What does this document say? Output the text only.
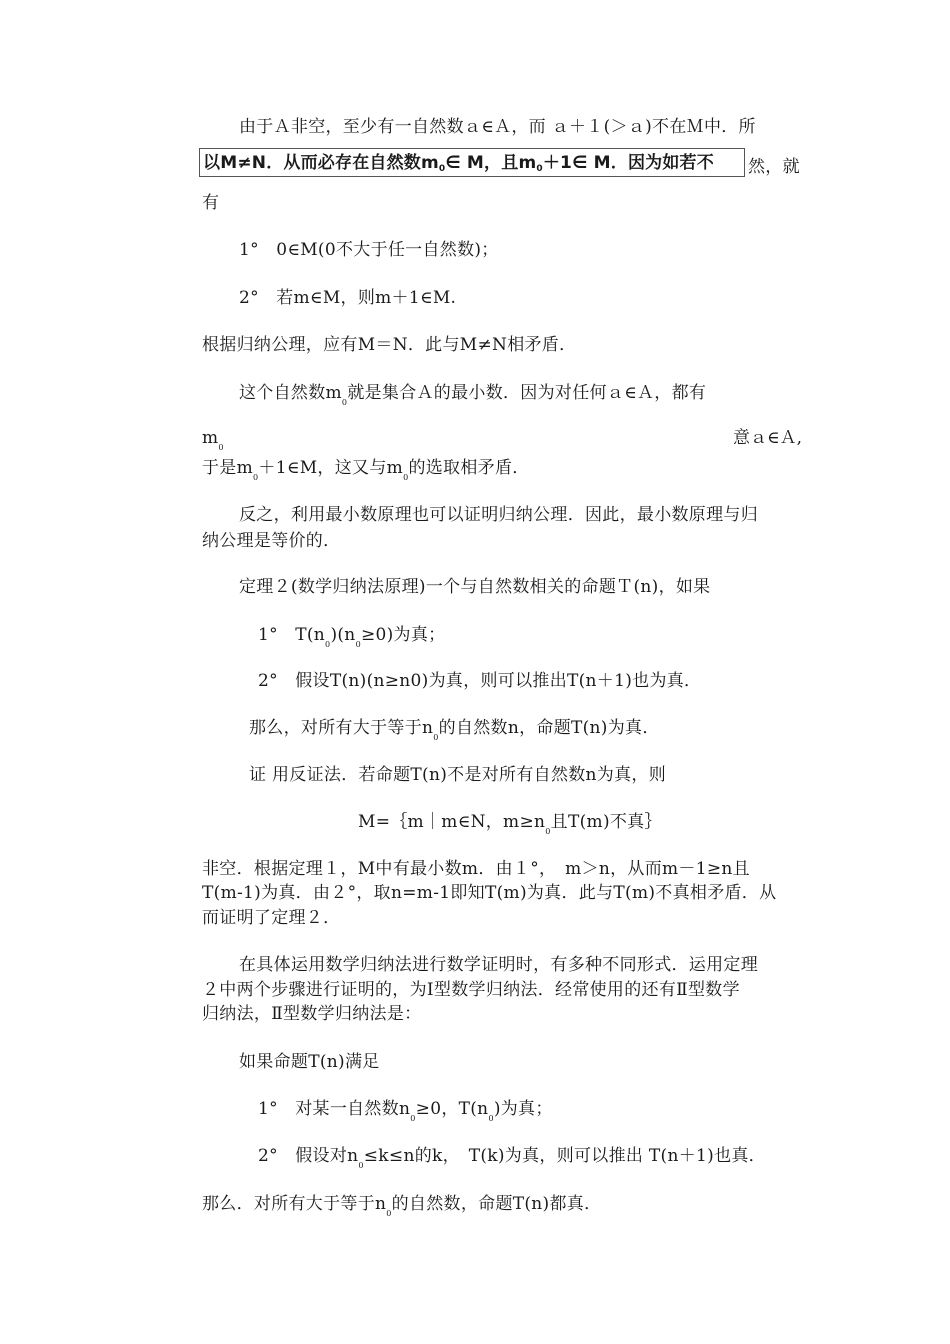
由于Ａ非空，至少有一自然数ａ∈Ａ，而 ａ＋１(＞ａ)不在Ｍ中．所
以M≠N．从而必存在自然数$m_0\in$ M，且$m_0+1\in$ M．因为如若不	然，就
有
1°　0∈M(0不大于任一自然数)；
2°　若m∈M，则m＋1∈M.
根据归纳公理，应有M＝N．此与M≠N相矛盾．
这个自然数$m_0$就是集合Ａ的最小数．因为对任何ａ∈Ａ，都有
$m_0$	意ａ∈Ａ,
于是$m_0+1\in M$，这又与$m_0$的选取相矛盾．
反之，利用最小数原理也可以证明归纳公理．因此，最小数原理与归
纳公理是等价的．
定理２(数学归纳法原理)一个与自然数相关的命题Ｔ(n)，如果
1°　$T(n_0)(n_0\ge 0)$为真；
2°　假设T(n)(n≥n0)为真，则可以推出T(n＋1)也为真．
那么，对所有大于等于$n_0$的自然数n，命题T(n)为真．
证 用反证法．若命题T(n)不是对所有自然数n为真，则
M=｛m｜m∈N，$m\ge n_0$且T(m)不真｝
非空．根据定理１，M中有最小数m．由１°，　m＞n，从而m－1≥n且
T(m-1)为真．由２°，取n=m-1即知T(m)为真．此与T(m)不真相矛盾．从
而证明了定理２．
在具体运用数学归纳法进行数学证明时，有多种不同形式．运用定理
２中两个步骤进行证明的，为Ⅰ型数学归纳法．经常使用的还有Ⅱ型数学
归纳法，Ⅱ型数学归纳法是：
如果命题T(n)满足
1°　对某一自然数$n_0\ge 0$，$T(n_0)$为真；
2°　假设对$n_0\le k\le n$的k，　T(k)为真，则可以推出 T(n＋1)也真．
那么．对所有大于等于$n_0$的自然数，命题T(n)都真．
